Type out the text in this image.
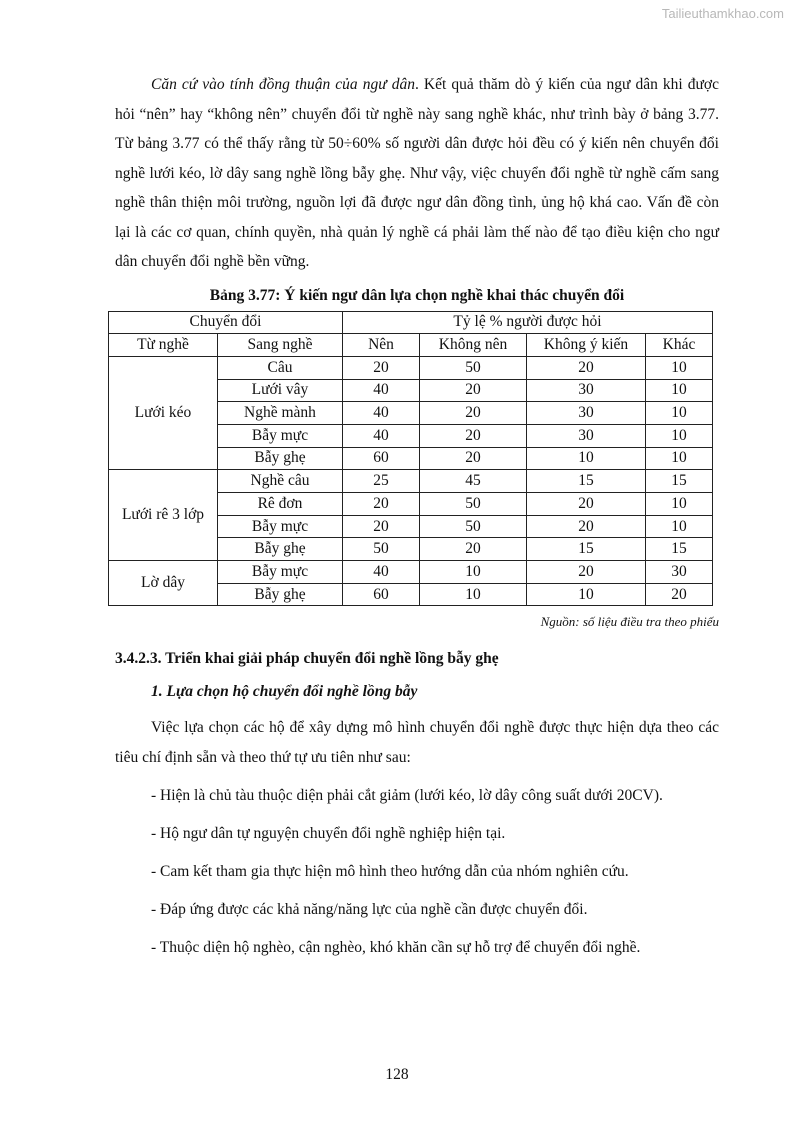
Tailieuthamkhao.com

Căn cứ vào tính đồng thuận của ngư dân. Kết quả thăm dò ý kiến của ngư dân khi được hỏi “nên” hay “không nên” chuyển đổi từ nghề này sang nghề khác, như trình bày ở bảng 3.77. Từ bảng 3.77 có thể thấy rằng từ 50÷60% số người dân được hỏi đều có ý kiến nên chuyển đổi nghề lưới kéo, lờ dây sang nghề lồng bẫy ghẹ. Như vậy, việc chuyển đổi nghề từ nghề cấm sang nghề thân thiện môi trường, nguồn lợi đã được ngư dân đồng tình, ủng hộ khá cao. Vấn đề còn lại là các cơ quan, chính quyền, nhà quản lý nghề cá phải làm thế nào để tạo điều kiện cho ngư dân chuyển đổi nghề bền vững.

Bảng 3.77: Ý kiến ngư dân lựa chọn nghề khai thác chuyển đổi
Chuyển đổi		Tỷ lệ % người được hỏi			
Từ nghề	Sang nghề	Nên	Không nên	Không ý kiến	Khác
Lưới kéo	Câu	20	50	20	10
	Lưới vây	40	20	30	10
	Nghề mành	40	20	30	10
	Bẫy mực	40	20	30	10
	Bẫy ghẹ	60	20	10	10
Lưới rê 3 lớp	Nghề câu	25	45	15	15
	Rê đơn	20	50	20	10
	Bẫy mực	20	50	20	10
	Bẫy ghẹ	50	20	15	15
Lờ dây	Bẫy mực	40	10	20	30
	Bẫy ghẹ	60	10	10	20
Nguồn: số liệu điều tra theo phiếu

3.4.2.3. Triển khai giải pháp chuyển đổi nghề lồng bẫy ghẹ

1. Lựa chọn hộ chuyển đổi nghề lồng bẫy

Việc lựa chọn các hộ để xây dựng mô hình chuyển đổi nghề được thực hiện dựa theo các tiêu chí định sẵn và theo thứ tự ưu tiên như sau:

- Hiện là chủ tàu thuộc diện phải cắt giảm (lưới kéo, lờ dây công suất dưới 20CV).

- Hộ ngư dân tự nguyện chuyển đổi nghề nghiệp hiện tại.

- Cam kết tham gia thực hiện mô hình theo hướng dẫn của nhóm nghiên cứu.

- Đáp ứng được các khả năng/năng lực của nghề cần được chuyển đổi.

- Thuộc diện hộ nghèo, cận nghèo, khó khăn cần sự hỗ trợ để chuyển đổi nghề.

128
